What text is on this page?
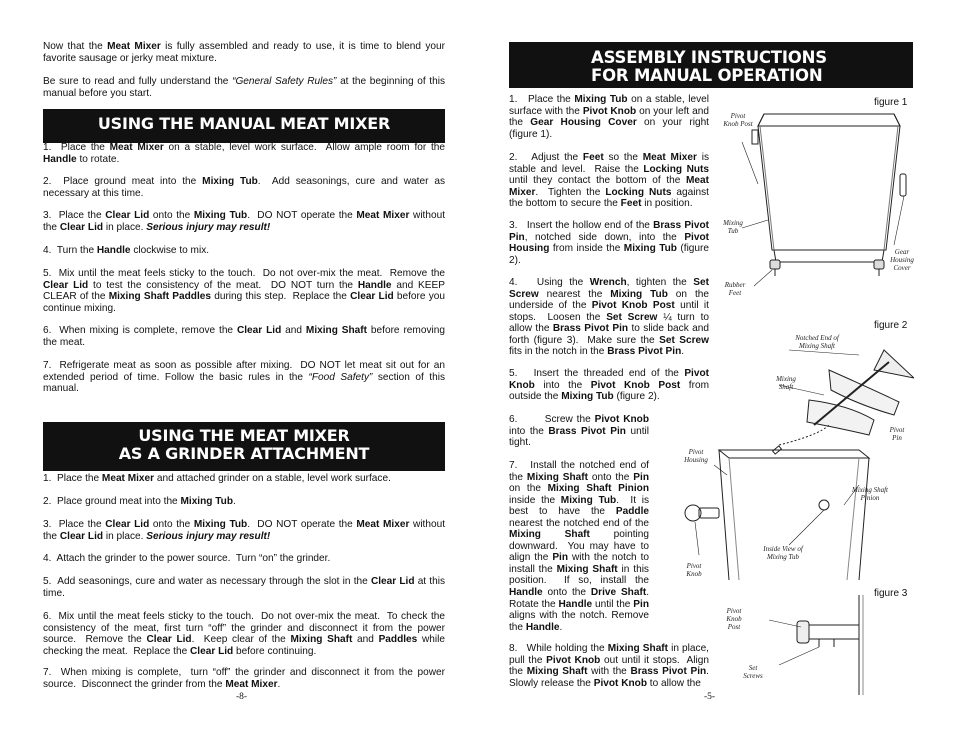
Now that the Meat Mixer is fully assembled and ready to use, it is time to blend your favorite sausage or jerky meat mixture.

Be sure to read and fully understand the “General Safety Rules” at the beginning of this manual before you start.

USING THE MANUAL MEAT MIXER

1.  Place the Meat Mixer on a stable, level work surface.  Allow ample room for the Handle to rotate.

2.  Place ground meat into the Mixing Tub.  Add seasonings, cure and water as necessary at this time.

3.  Place the Clear Lid onto the Mixing Tub.  DO NOT operate the Meat Mixer without the Clear Lid in place. Serious injury may result!

4.  Turn the Handle clockwise to mix.

5.  Mix until the meat feels sticky to the touch.  Do not over-mix the meat.  Remove the Clear Lid to test the consistency of the meat.  DO NOT turn the Handle and KEEP CLEAR of the Mixing Shaft Paddles during this step.  Replace the Clear Lid before you continue mixing.

6.  When mixing is complete, remove the Clear Lid and Mixing Shaft before removing the meat.

7.  Refrigerate meat as soon as possible after mixing.  DO NOT let meat sit out for an extended period of time. Follow the basic rules in the “Food Safety” section of this manual.

USING THE MEAT MIXER
AS A GRINDER ATTACHMENT

1.  Place the Meat Mixer and attached grinder on a stable, level work surface.

2.  Place ground meat into the Mixing Tub.

3.  Place the Clear Lid onto the Mixing Tub.  DO NOT operate the Meat Mixer without the Clear Lid in place. Serious injury may result!

4.  Attach the grinder to the power source.  Turn “on” the grinder.

5.  Add seasonings, cure and water as necessary through the slot in the Clear Lid at this time.

6.  Mix until the meat feels sticky to the touch.  Do not over-mix the meat.  To check the consistency of the meat, first turn “off” the grinder and disconnect it from the power source.  Remove the Clear Lid.  Keep clear of the Mixing Shaft and Paddles while checking the meat.  Replace the Clear Lid before continuing.

7.  When mixing is complete,  turn “off” the grinder and disconnect it from the power source.  Disconnect the grinder from the Meat Mixer.

-8-
ASSEMBLY INSTRUCTIONS
FOR MANUAL OPERATION

1.   Place the Mixing Tub on a stable, level surface with the Pivot Knob on your left and the Gear Housing Cover on your right (figure 1).

2.   Adjust the Feet so the Meat Mixer is stable and level.  Raise the Locking Nuts until they contact the bottom of the Meat Mixer.  Tighten the Locking Nuts against the bottom to secure the Feet in position.

3.   Insert the hollow end of the Brass Pivot Pin, notched side down, into the Pivot Housing from inside the Mixing Tub (figure 2).

4.   Using the Wrench, tighten the Set Screw nearest the Mixing Tub on the underside of the Pivot Knob Post until it stops.  Loosen the Set Screw ¼ turn to allow the Brass Pivot Pin to slide back and forth (figure 3).  Make sure the Set Screw fits in the notch in the Brass Pivot Pin.

5.   Insert the threaded end of the Pivot Knob into the Pivot Knob Post from outside the Mixing Tub (figure 2).

6.       Screw the Pivot Knob into the Brass Pivot Pin until tight.

7.   Install the notched end of the Mixing Shaft onto the Pin on the Mixing Shaft Pinion inside the Mixing Tub.  It is best to have the Paddle nearest the notched end of the Mixing Shaft pointing downward.  You may have to align the Pin with the notch to install the Mixing Shaft in this position.  If so, install the Handle onto the Drive Shaft. Rotate the Handle until the Pin aligns with the notch. Remove the Handle.

8.   While holding the Mixing Shaft in place, pull the Pivot Knob out until it stops.  Align the Mixing Shaft with the Brass Pivot Pin. Slowly release the Pivot Knob to allow the

figure 1
Pivot Knob Post
Mixing Tub
Rubber Feet
Gear Housing Cover
figure 2
Notched End of Mixing Shaft
Mixing Shaft
Pivot Pin
Pivot Housing
Mixing Shaft Pinion
Inside View of Mixing Tub
Pivot Knob
figure 3
Pivot Knob Post
Set Screws
-5-
